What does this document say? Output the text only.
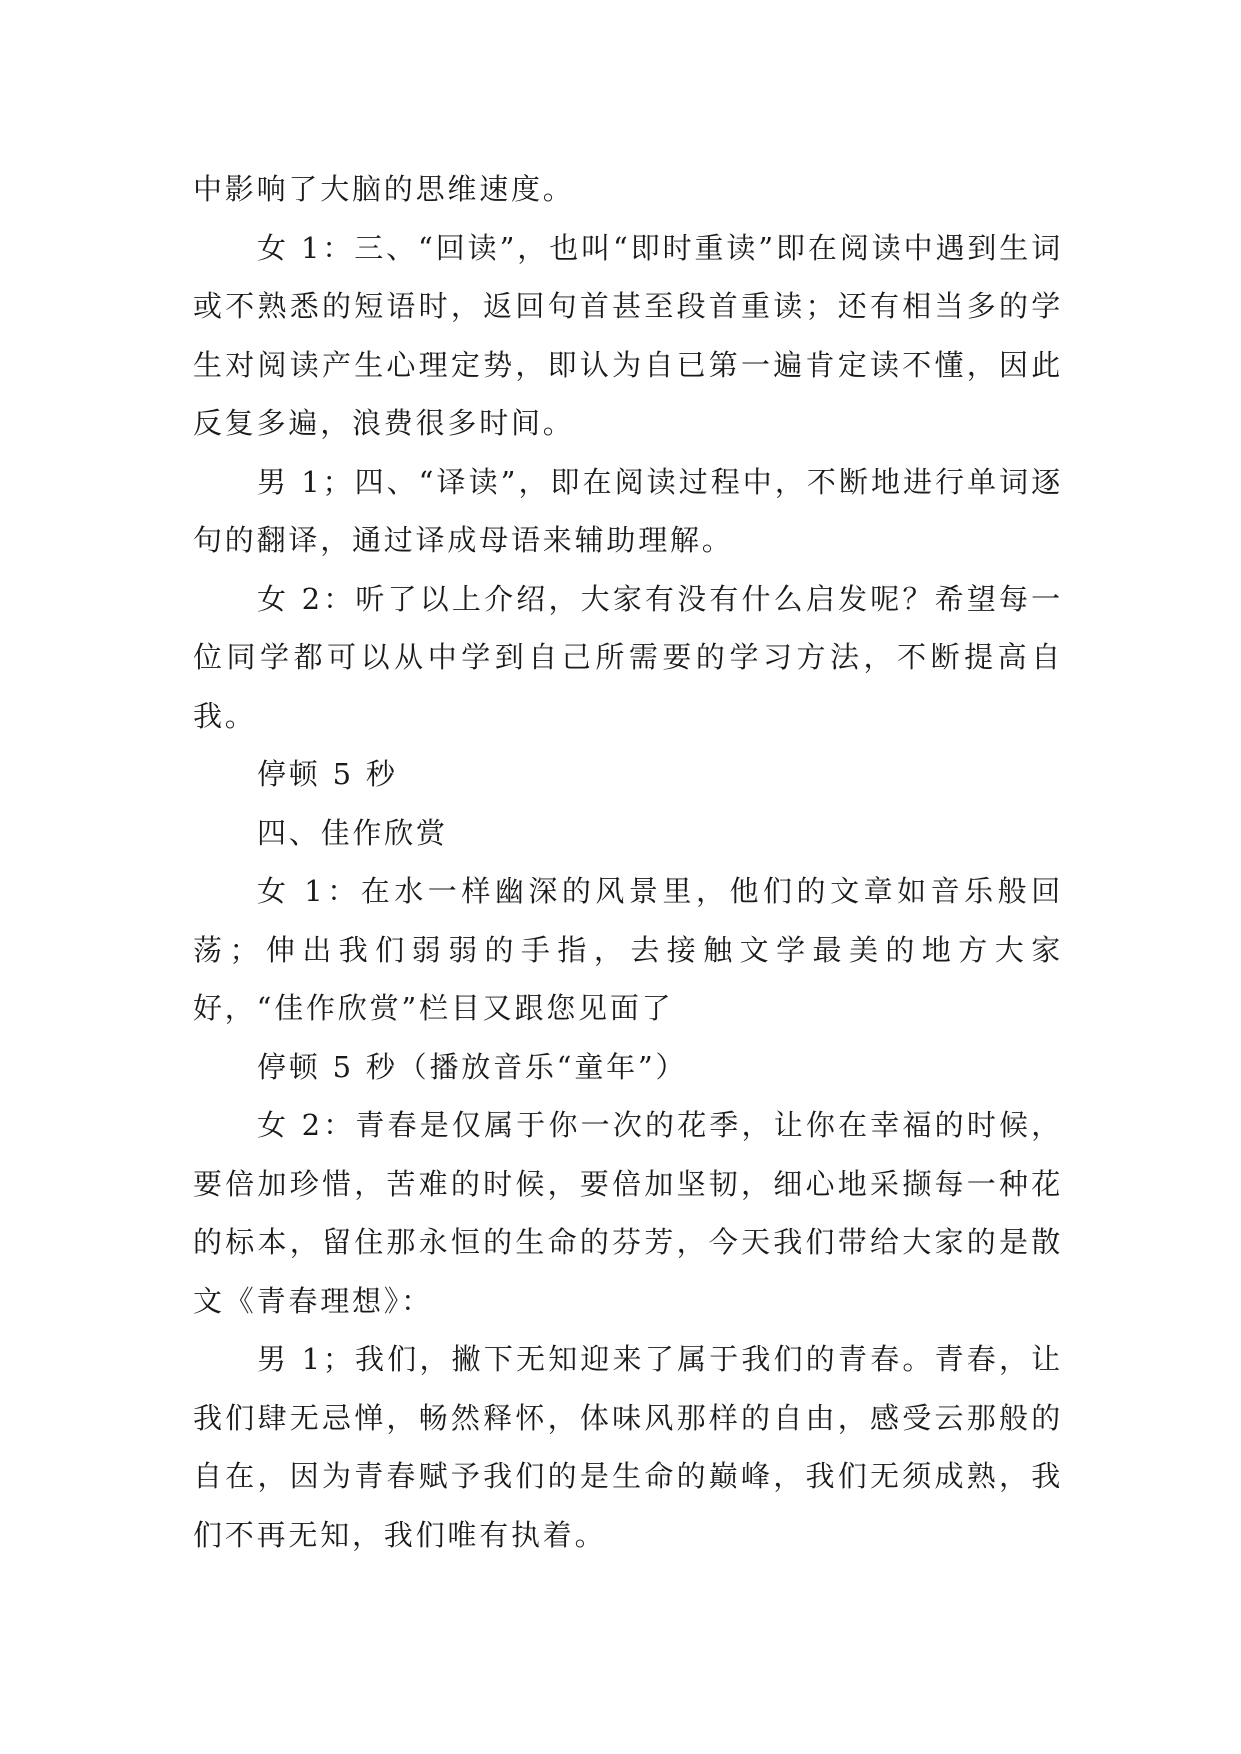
中影响了大脑的思维速度。

女 1：三、“回读”，也叫“即时重读”即在阅读中遇到生词或不熟悉的短语时，返回句首甚至段首重读；还有相当多的学生对阅读产生心理定势，即认为自已第一遍肯定读不懂，因此反复多遍，浪费很多时间。

男 1；四、“译读”，即在阅读过程中，不断地进行单词逐句的翻译，通过译成母语来辅助理解。

女 2：听了以上介绍，大家有没有什么启发呢？希望每一位同学都可以从中学到自己所需要的学习方法，不断提高自我。

停顿 5 秒

四、佳作欣赏

女 1：在水一样幽深的风景里，他们的文章如音乐般回荡；伸出我们弱弱的手指，去接触文学最美的地方大家好，“佳作欣赏”栏目又跟您见面了

停顿 5 秒（播放音乐“童年”）

女 2：青春是仅属于你一次的花季，让你在幸福的时候，要倍加珍惜，苦难的时候，要倍加坚韧，细心地采撷每一种花的标本，留住那永恒的生命的芬芳，今天我们带给大家的是散文《青春理想》：

男 1；我们，撇下无知迎来了属于我们的青春。青春，让我们肆无忌惮，畅然释怀，体味风那样的自由，感受云那般的自在，因为青春赋予我们的是生命的巅峰，我们无须成熟，我们不再无知，我们唯有执着。
